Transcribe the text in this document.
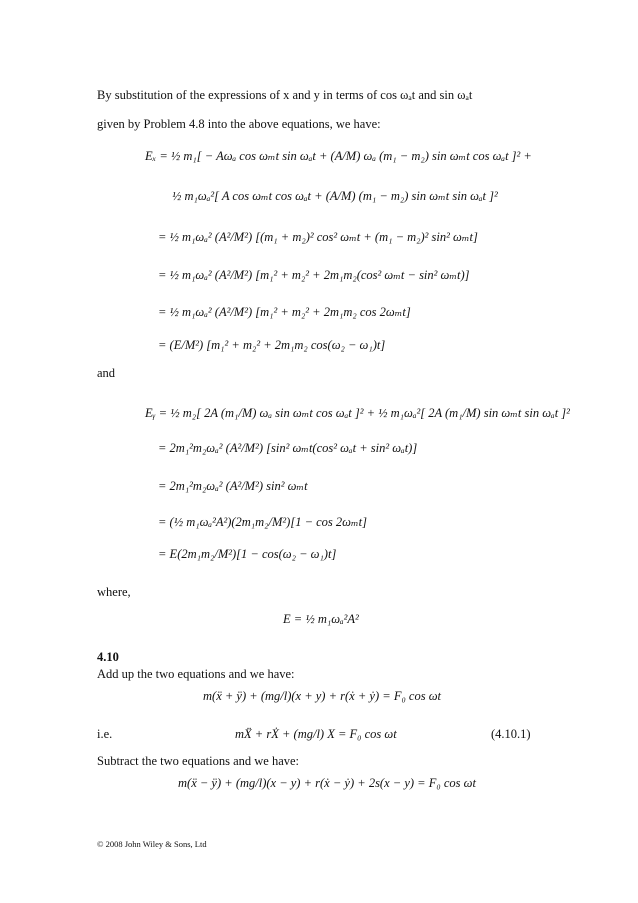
By substitution of the expressions of x and y in terms of cos ωₐt and sin ωₐt
given by Problem 4.8 into the above equations, we have:
Eₓ = ½ m₁[ − Aωₐ cos ωₘt sin ωₐt + (A/M) ωₐ (m₁ − m₂) sin ωₘt cos ωₐt ]² +
½ m₁ωₐ²[ A cos ωₘt cos ωₐt + (A/M) (m₁ − m₂) sin ωₘt sin ωₐt ]²
= ½ m₁ωₐ² (A²/M²) [(m₁ + m₂)² cos² ωₘt + (m₁ − m₂)² sin² ωₘt]
= ½ m₁ωₐ² (A²/M²) [m₁² + m₂² + 2m₁m₂(cos² ωₘt − sin² ωₘt)]
= ½ m₁ωₐ² (A²/M²) [m₁² + m₂² + 2m₁m₂ cos 2ωₘt]
= (E/M²) [m₁² + m₂² + 2m₁m₂ cos(ω₂ − ω₁)t]
and
Eᵧ = ½ m₂[ 2A (m₁/M) ωₐ sin ωₘt cos ωₐt ]² + ½ m₁ωₐ²[ 2A (m₁/M) sin ωₘt sin ωₐt ]²
= 2m₁²m₂ωₐ² (A²/M²) [sin² ωₘt(cos² ωₐt + sin² ωₐt)]
= 2m₁²m₂ωₐ² (A²/M²) sin² ωₘt
= (½ m₁ωₐ²A²)(2m₁m₂/M²)[1 − cos 2ωₘt]
= E(2m₁m₂/M²)[1 − cos(ω₂ − ω₁)t]
where,
E = ½ m₁ωₐ²A²
4.10
Add up the two equations and we have:
m(ẍ + ÿ) + (mg/l)(x + y) + r(ẋ + ẏ) = F₀ cos ωt
i.e.	mẌ + rẊ + (mg/l) X = F₀ cos ωt	(4.10.1)
Subtract the two equations and we have:
m(ẍ − ÿ) + (mg/l)(x − y) + r(ẋ − ẏ) + 2s(x − y) = F₀ cos ωt
© 2008 John Wiley & Sons, Ltd
